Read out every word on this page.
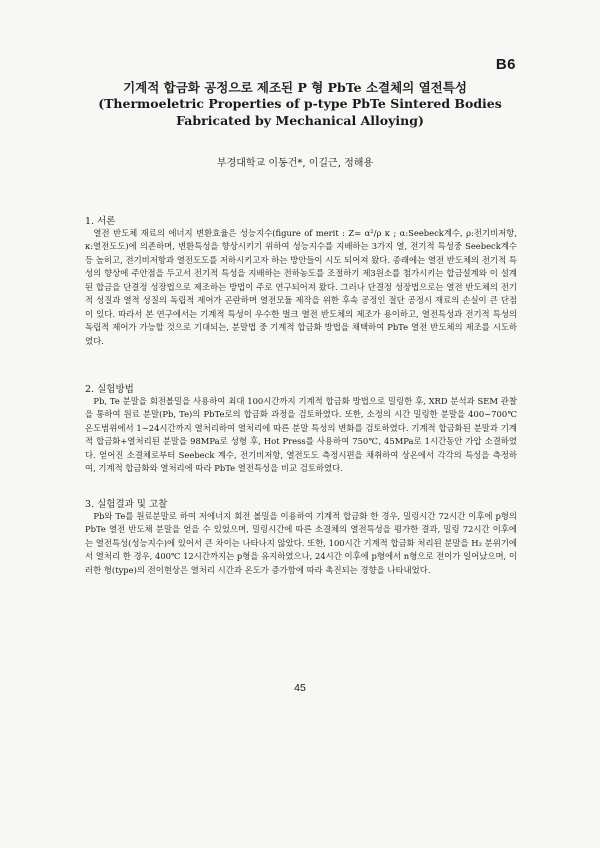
B6
기계적 합금화 공정으로 제조된 P 형 PbTe 소결체의 열전특성
(Thermoeletric Properties of p-type PbTe Sintered Bodies Fabricated by Mechanical Alloying)
부경대학교 이동건*, 이길근, 정해용
1. 서론

열전 반도체 재료의 에너지 변환효율은 성능지수(figure of merit : Z= α²/ρ κ ; α:Seebeck계수, ρ:전기비저항, κ:열전도도)에 의존하며, 변환특성을 향상시키기 위하여 성능지수를 지배하는 3가지 열, 전기적 특성중 Seebeck계수등 높히고, 전기비저항과 열전도도를 저하시키고자 하는 방안들이 시도 되어져 왔다. 종래에는 열전 반도체의 전기적 특성의 향상에 주안점을 두고서 전기적 특성을 지배하는 전하농도를 조절하기 제3원소를 첨가시키는 합금설계와 이 설계된 합금을 단결정 성장법으로 제조하는 방법이 주로 연구되어져 왔다. 그러나 단결정 성장법으로는 열전 반도체의 전기적 성질과 열적 성질의 독립적 제어가 곤란하며 열전모듈 제작을 위한 후속 공정인 절단 공정시 재료의 손실이 큰 단점이 있다. 따라서 본 연구에서는 기계적 특성이 우수한 벌크 열전 반도체의 제조가 용이하고, 열전특성과 전기적 특성의 독립적 제어가 가능할 것으로 기대되는, 분말법 중 기계적 합금화 방법을 채택하여 PbTe 열전 반도체의 제조를 시도하였다.

2. 실험방법

Pb, Te 분말을 회전볼밀을 사용하여 최대 100시간까지 기계적 합금화 방법으로 밀링한 후, XRD 분석과 SEM 관찰을 통하여 원료 분말(Pb, Te)의 PbTe로의 합금화 과정을 검토하였다. 또한, 소정의 시간 밀링한 분말을 400~700℃ 온도범위에서 1~24시간까지 열처리하여 열처리에 따른 분말 특성의 변화를 검토하였다. 기계적 합금화된 분말과 기계적 합금화+열처리된 분말을 98MPa로 성형 후, Hot Press를 사용하여 750℃, 45MPa로 1시간동안 가압 소결하였다. 얻어진 소결체로부터 Seebeck 계수, 전기비저항, 열전도도 측정시편을 채취하여 상온에서 각각의 특성을 측정하여, 기계적 합금화와 열처리에 따라 PbTe 열전특성을 비교 검토하였다.

3. 실험결과 및 고찰

Pb와 Te를 원료분말로 하여 저에너지 회전 볼밀을 이용하여 기계적 합금화 한 경우, 밀링시간 72시간 이후에 p형의 PbTe 열전 반도체 분말을 얻을 수 있었으며, 밀링시간에 따른 소결체의 열전특성을 평가한 결과, 밀링 72시간 이후에는 열전특성(성능지수)에 있어서 큰 차이는 나타나지 않았다. 또한, 100시간 기계적 합금화 처리된 분말을 H₂ 분위기에서 열처리 한 경우, 400℃ 12시간까지는 p형을 유지하였으나, 24시간 이후에 p형에서 n형으로 전이가 일어났으며, 이러한 형(type)의 전이현상은 열처리 시간과 온도가 증가함에 따라 촉진되는 경향을 나타내었다.

45
